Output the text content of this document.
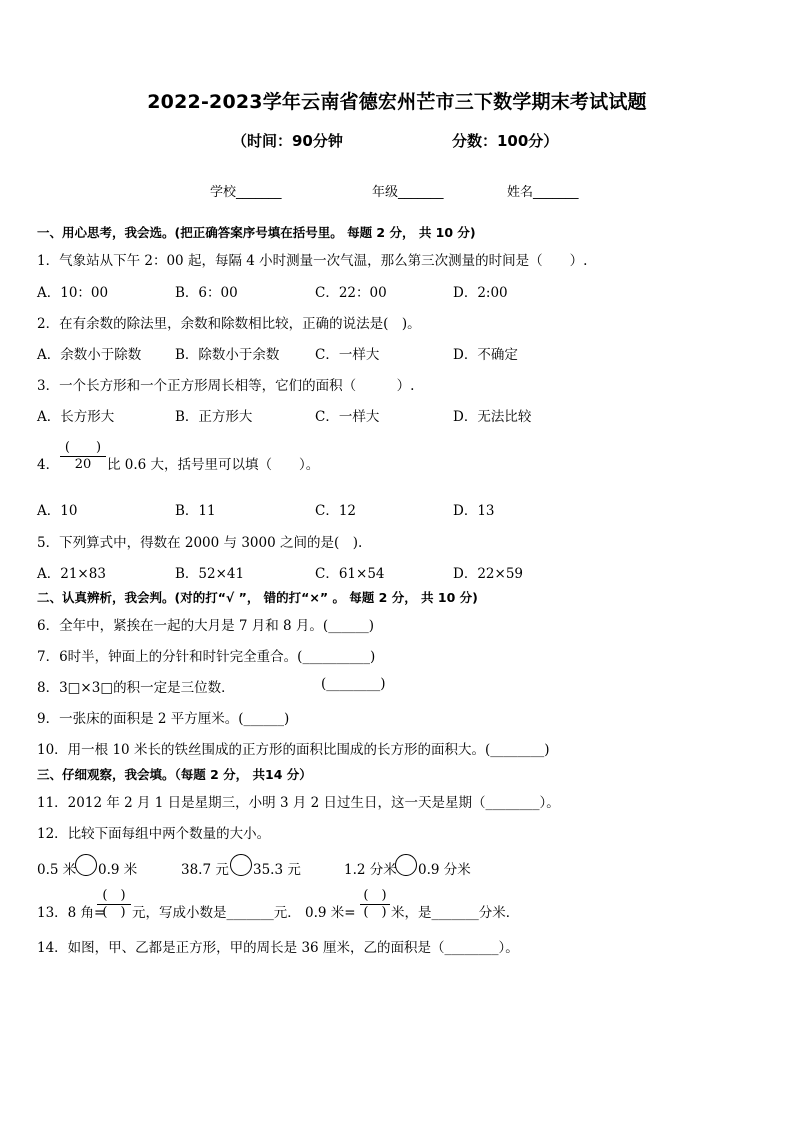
2022-2023学年云南省德宏州芒市三下数学期末考试试题
（时间：90分钟	分数：100分）
学校_______	年级_______	姓名_______
一、用心思考，我会选。(把正确答案序号填在括号里。 每题 2 分， 共 10 分)
1．气象站从下午 2：00 起，每隔 4 小时测量一次气温，那么第三次测量的时间是（　　）.
A．10：00	B．6：00	C．22：00	D．2:00
2．在有余数的除法里，余数和除数相比较，正确的说法是(　)。
A．余数小于除数	B．除数小于余数	C．一样大	D．不确定
3．一个长方形和一个正方形周长相等，它们的面积（　　　）.
A．长方形大	B．正方形大	C．一样大	D．无法比较
4．
(　　)
20	比 0.6 大，括号里可以填（　　）。
A．10	B．11	C．12	D．13
5．下列算式中，得数在 2000 与 3000 之间的是(　).
A．21×83	B．52×41	C．61×54	D．22×59
二、认真辨析，我会判。(对的打“√ ”， 错的打“×” 。 每题 2 分， 共 10 分)
6．全年中，紧挨在一起的大月是 7 月和 8 月。(______)
7．6时半，钟面上的分针和时针完全重合。(__________)
8．3□×3□的积一定是三位数．	(________)
9．一张床的面积是 2 平方厘米。(______)
10．用一根 10 米长的铁丝围成的正方形的面积比围成的长方形的面积大。(________)
三、仔细观察，我会填。（每题 2 分， 共14 分）
11．2012 年 2 月 1 日是星期三，小明 3 月 2 日过生日，这一天是星期（________）。
12．比较下面每组中两个数量的大小。
0.5 米 0.9 米	38.7 元 35.3 元	1.2 分米 0.9 分米
13．8 角=
(　)
(　) 元，写成小数是_______元． 0.9 米=
(　)
(　) 米，是_______分米．
14．如图，甲、乙都是正方形，甲的周长是 36 厘米，乙的面积是（________）。
